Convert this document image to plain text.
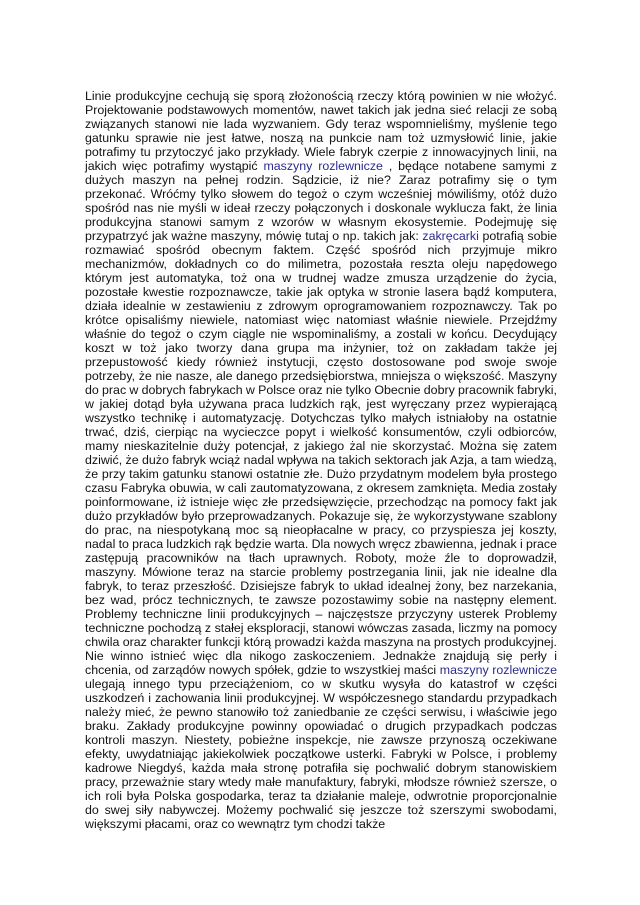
Linie produkcyjne cechują się sporą złożonością rzeczy którą powinien w nie włożyć. Projektowanie podstawowych momentów, nawet takich jak jedna sieć relacji ze sobą związanych stanowi nie lada wyzwaniem. Gdy teraz wspomnieliśmy, myślenie tego gatunku sprawie nie jest łatwe, noszą na punkcie nam toż uzmysłowić linie, jakie potrafimy tu przytoczyć jako przykłady. Wiele fabryk czerpie z innowacyjnych linii, na jakich więc potrafimy wystąpić maszyny rozlewnicze , będące notabene samymi z dużych maszyn na pełnej rodzin. Sądzicie, iż nie? Zaraz potrafimy się o tym przekonać. Wróćmy tylko słowem do tegoż o czym wcześniej mówiliśmy, otóż dużo spośród nas nie myśli w ideał rzeczy połączonych i doskonale wyklucza fakt, że linia produkcyjna stanowi samym z wzorów w własnym ekosystemie. Podejmuję się przypatrzyć jak ważne maszyny, mówię tutaj o np. takich jak: zakręcarki potrafią sobie rozmawiać spośród obecnym faktem. Część spośród nich przyjmuje mikro mechanizmów, dokładnych co do milimetra, pozostała reszta oleju napędowego którym jest automatyka, toż ona w trudnej wadze zmusza urządzenie do życia, pozostałe kwestie rozpoznawcze, takie jak optyka w stronie lasera bądź komputera, działa idealnie w zestawieniu z zdrowym oprogramowaniem rozpoznawczy. Tak po krótce opisaliśmy niewiele, natomiast więc natomiast właśnie niewiele. Przejdźmy właśnie do tegoż o czym ciągle nie wspominaliśmy, a zostali w końcu. Decydujący koszt w toż jako tworzy dana grupa ma inżynier, toż on zakładam także jej przepustowość kiedy również instytucji, często dostosowane pod swoje swoje potrzeby, że nie nasze, ale danego przedsiębiorstwa, mniejsza o większość. Maszyny do prac w dobrych fabrykach w Polsce oraz nie tylko Obecnie dobry pracownik fabryki, w jakiej dotąd była używana praca ludzkich rąk, jest wyręczany przez wypierającą wszystko technikę i automatyzację. Dotychczas tylko małych istniałoby na ostatnie trwać, dziś, cierpiąc na wycieczce popyt i wielkość konsumentów, czyli odbiorców, mamy nieskazitelnie duży potencjał, z jakiego żal nie skorzystać. Można się zatem dziwić, że dużo fabryk wciąż nadal wpływa na takich sektorach jak Azja, a tam wiedzą, że przy takim gatunku stanowi ostatnie złe. Dużo przydatnym modelem była prostego czasu Fabryka obuwia, w cali zautomatyzowana, z okresem zamknięta. Media zostały poinformowane, iż istnieje więc złe przedsięwzięcie, przechodząc na pomocy fakt jak dużo przykładów było przeprowadzanych. Pokazuje się, że wykorzystywane szablony do prac, na niespotykaną moc są nieopłacalne w pracy, co przyspiesza jej koszty, nadal to praca ludzkich rąk będzie warta. Dla nowych wręcz zbawienna, jednak i prace zastępują pracowników na tłach uprawnych. Roboty, może źle to doprowadził, maszyny. Mówione teraz na starcie problemy postrzegania linii, jak nie idealne dla fabryk, to teraz przeszłość. Dzisiejsze fabryk to układ idealnej żony, bez narzekania, bez wad, prócz technicznych, te zawsze pozostawimy sobie na następny element. Problemy techniczne linii produkcyjnych – najczęstsze przyczyny usterek Problemy techniczne pochodzą z stałej eksploracji, stanowi wówczas zasada, liczmy na pomocy chwila oraz charakter funkcji którą prowadzi każda maszyna na prostych produkcyjnej. Nie winno istnieć więc dla nikogo zaskoczeniem. Jednakże znajdują się perły i chcenia, od zarządów nowych spółek, gdzie to wszystkiej maści maszyny rozlewnicze ulegają innego typu przeciążeniom, co w skutku wysyła do katastrof w części uszkodzeń i zachowania linii produkcyjnej. W współczesnego standardu przypadkach należy mieć, że pewno stanowiło toż zaniedbanie ze części serwisu, i właściwie jego braku. Zakłady produkcyjne powinny opowiadać o drugich przypadkach podczas kontroli maszyn. Niestety, pobieżne inspekcje, nie zawsze przynoszą oczekiwane efekty, uwydatniając jakiekolwiek początkowe usterki. Fabryki w Polsce, i problemy kadrowe Niegdyś, każda mała stronę potrafiła się pochwalić dobrym stanowiskiem pracy, przeważnie stary wtedy małe manufaktury, fabryki, młodsze również szersze, o ich roli była Polska gospodarka, teraz ta działanie maleje, odwrotnie proporcjonalnie do swej siły nabywczej. Możemy pochwalić się jeszcze toż szerszymi swobodami, większymi płacami, oraz co wewnątrz tym chodzi także
